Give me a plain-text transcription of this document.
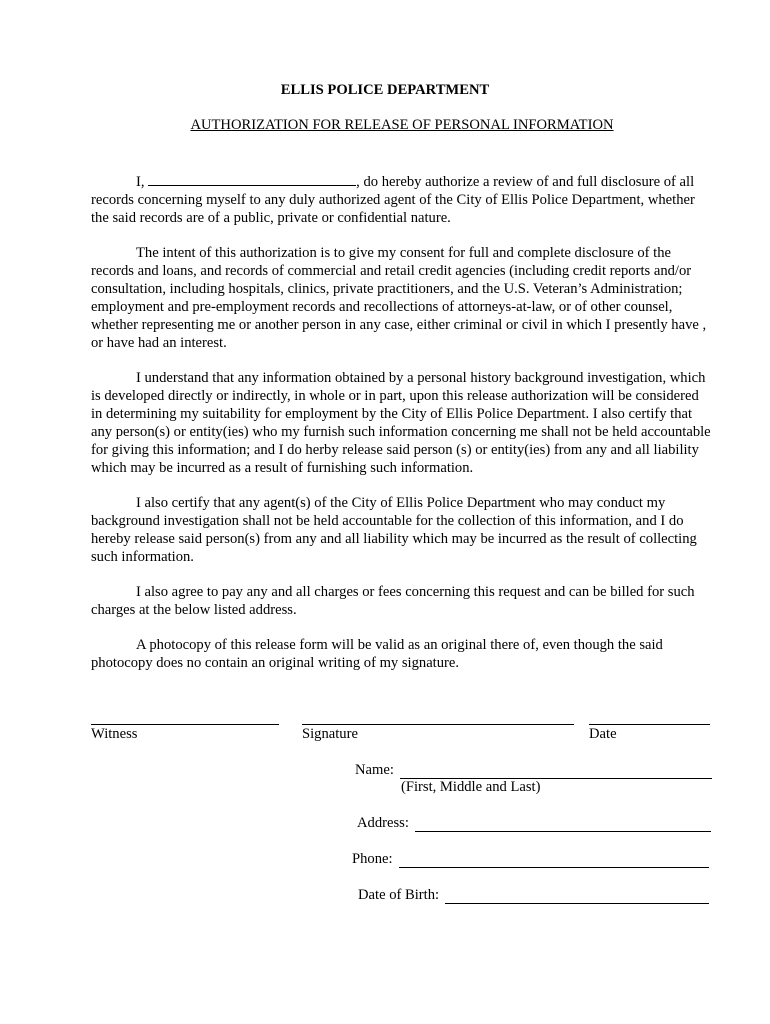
ELLIS POLICE DEPARTMENT
AUTHORIZATION FOR RELEASE OF PERSONAL INFORMATION

I,	, do hereby authorize a review of and full disclosure of all records concerning myself to any duly authorized agent of the City of Ellis Police Department, whether the said records are of a public, private or confidential nature.

The intent of this authorization is to give my consent for full and complete disclosure of the records and loans, and records of commercial and retail credit agencies (including credit reports and/or consultation, including hospitals, clinics, private practitioners, and the U.S. Veteran’s Administration; employment and pre-employment records and recollections of attorneys-at-law, or of other counsel, whether representing me or another person in any case, either criminal or civil in which I presently have , or have had an interest.

I understand that any information obtained by a personal history background investigation, which is developed directly or indirectly, in whole or in part, upon this release authorization will be considered in determining my suitability for employment by the City of Ellis Police Department. I also certify that any person(s) or entity(ies) who my furnish such information concerning me shall not be held accountable for giving this information; and I do herby release said person (s) or entity(ies) from any and all liability which may be incurred as a result of furnishing such information.

I also certify that any agent(s) of the City of Ellis Police Department who may conduct my background investigation shall not be held accountable for the collection of this information, and I do hereby release said person(s) from any and all liability which may be incurred as the result of collecting such information.

I also agree to pay any and all charges or fees concerning this request and can be billed for such charges at the below listed address.

A photocopy of this release form will be valid as an original there of, even though the said photocopy does no contain an original writing of my signature.

Witness	Signature	Date
Name:
(First, Middle and Last)
Address:
Phone:
Date of Birth:
